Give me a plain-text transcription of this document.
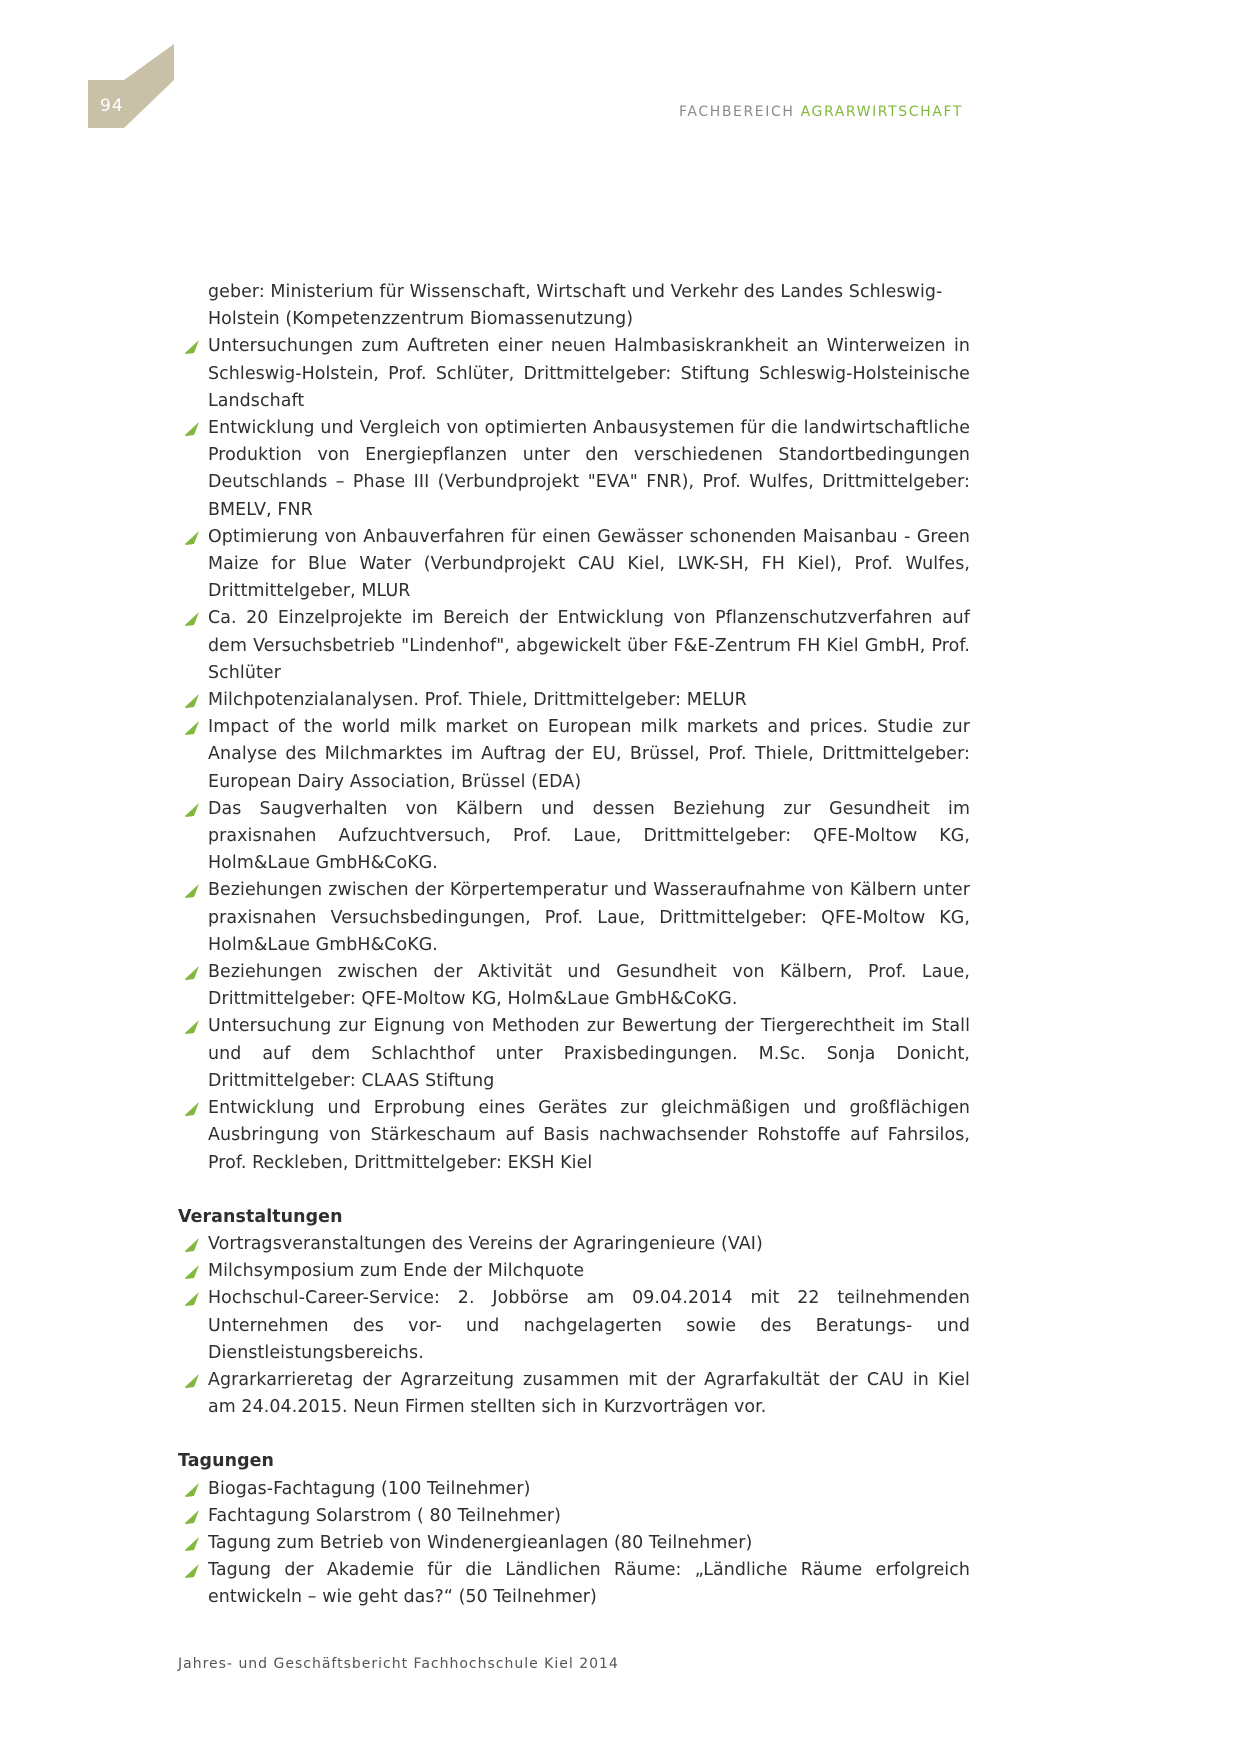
94	FACHBEREICH AGRARWIRTSCHAFT
geber: Ministerium für Wissenschaft, Wirtschaft und Verkehr des Landes Schleswig-Holstein (Kompetenzzentrum Biomassenutzung)
Untersuchungen zum Auftreten einer neuen Halmbasiskrankheit an Winterweizen in Schleswig-Holstein, Prof. Schlüter, Drittmittelgeber: Stiftung Schleswig-Holsteinische Landschaft
Entwicklung und Vergleich von optimierten Anbausystemen für die landwirtschaftliche Produktion von Energiepflanzen unter den verschiedenen Standortbedingungen Deutschlands – Phase III (Verbundprojekt "EVA" FNR), Prof. Wulfes, Drittmittelgeber: BMELV, FNR
Optimierung von Anbauverfahren für einen Gewässer schonenden Maisanbau - Green Maize for Blue Water (Verbundprojekt CAU Kiel, LWK-SH, FH Kiel), Prof. Wulfes, Drittmittelgeber, MLUR
Ca. 20 Einzelprojekte im Bereich der Entwicklung von Pflanzenschutzverfahren auf dem Versuchsbetrieb "Lindenhof", abgewickelt über F&E-Zentrum FH Kiel GmbH, Prof. Schlüter
Milchpotenzialanalysen. Prof. Thiele, Drittmittelgeber: MELUR
Impact of the world milk market on European milk markets and prices. Studie zur Analyse des Milchmarktes im Auftrag der EU, Brüssel, Prof. Thiele, Drittmittelgeber: European Dairy Association, Brüssel (EDA)
Das Saugverhalten von Kälbern und dessen Beziehung zur Gesundheit im praxisnahen Aufzuchtversuch, Prof. Laue, Drittmittelgeber: QFE-Moltow KG, Holm&Laue GmbH&CoKG.
Beziehungen zwischen der Körpertemperatur und Wasseraufnahme von Kälbern unter praxisnahen Versuchsbedingungen, Prof. Laue, Drittmittelgeber: QFE-Moltow KG, Holm&Laue GmbH&CoKG.
Beziehungen zwischen der Aktivität und Gesundheit von Kälbern, Prof. Laue, Drittmittelgeber: QFE-Moltow KG, Holm&Laue GmbH&CoKG.
Untersuchung zur Eignung von Methoden zur Bewertung der Tiergerechtheit im Stall und auf dem Schlachthof unter Praxisbedingungen. M.Sc. Sonja Donicht, Drittmittelgeber: CLAAS Stiftung
Entwicklung und Erprobung eines Gerätes zur gleichmäßigen und großflächigen Ausbringung von Stärkeschaum auf Basis nachwachsender Rohstoffe auf Fahrsilos, Prof. Reckleben, Drittmittelgeber: EKSH Kiel
Veranstaltungen
Vortragsveranstaltungen des Vereins der Agraringenieure (VAI)
Milchsymposium zum Ende der Milchquote
Hochschul-Career-Service: 2. Jobbörse am 09.04.2014 mit 22 teilnehmenden Unternehmen des vor- und nachgelagerten sowie des Beratungs- und Dienstleistungsbereichs.
Agrarkarrieretag der Agrarzeitung zusammen mit der Agrarfakultät der CAU in Kiel am 24.04.2015. Neun Firmen stellten sich in Kurzvorträgen vor.
Tagungen
Biogas-Fachtagung (100 Teilnehmer)
Fachtagung Solarstrom ( 80 Teilnehmer)
Tagung zum Betrieb von Windenergieanlagen (80 Teilnehmer)
Tagung der Akademie für die Ländlichen Räume: „Ländliche Räume erfolgreich entwickeln – wie geht das?“ (50 Teilnehmer)
Jahres- und Geschäftsbericht Fachhochschule Kiel 2014
